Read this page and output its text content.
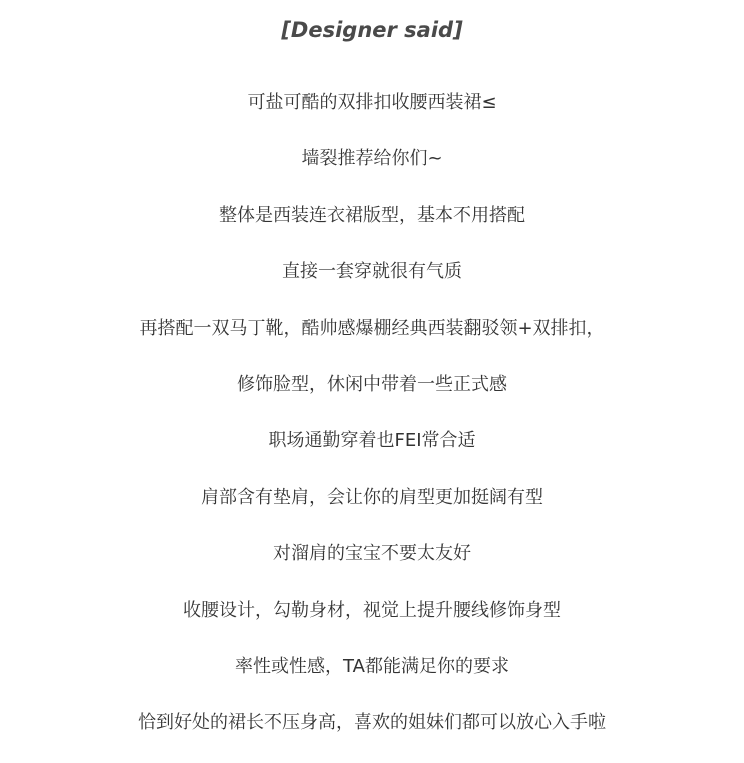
[Designer said]
可盐可酷的双排扣收腰西装裙≤
墙裂推荐给你们~
整体是西装连衣裙版型，基本不用搭配
直接一套穿就很有气质
再搭配一双马丁靴，酷帅感爆棚经典西装翻驳领+双排扣，
修饰脸型，休闲中带着一些正式感
职场通勤穿着也FEI常合适
肩部含有垫肩，会让你的肩型更加挺阔有型
对溜肩的宝宝不要太友好
收腰设计，勾勒身材，视觉上提升腰线修饰身型
率性或性感，TA都能满足你的要求
恰到好处的裙长不压身高，喜欢的姐妹们都可以放心入手啦
